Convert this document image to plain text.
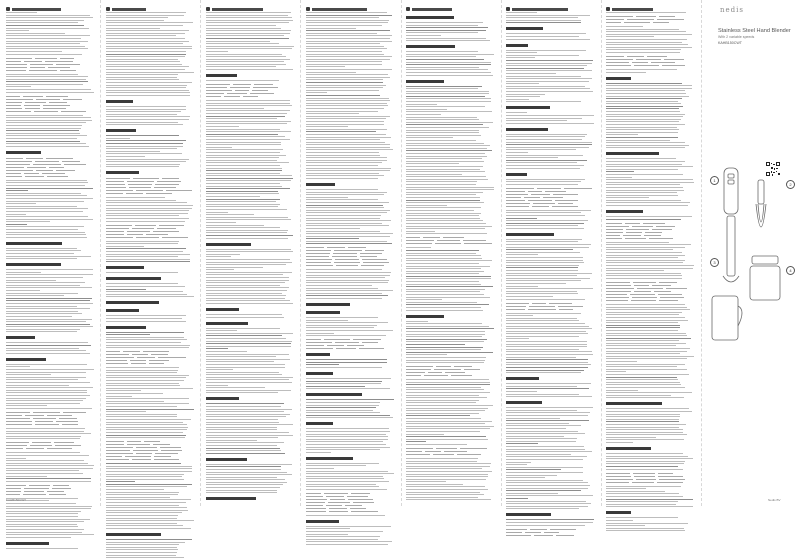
nedis
Stainless Steel Hand Blender
With 2 variable speeds
KAHB150CWT
1
2
3
4
KAHB150CWT	Nedis BV
